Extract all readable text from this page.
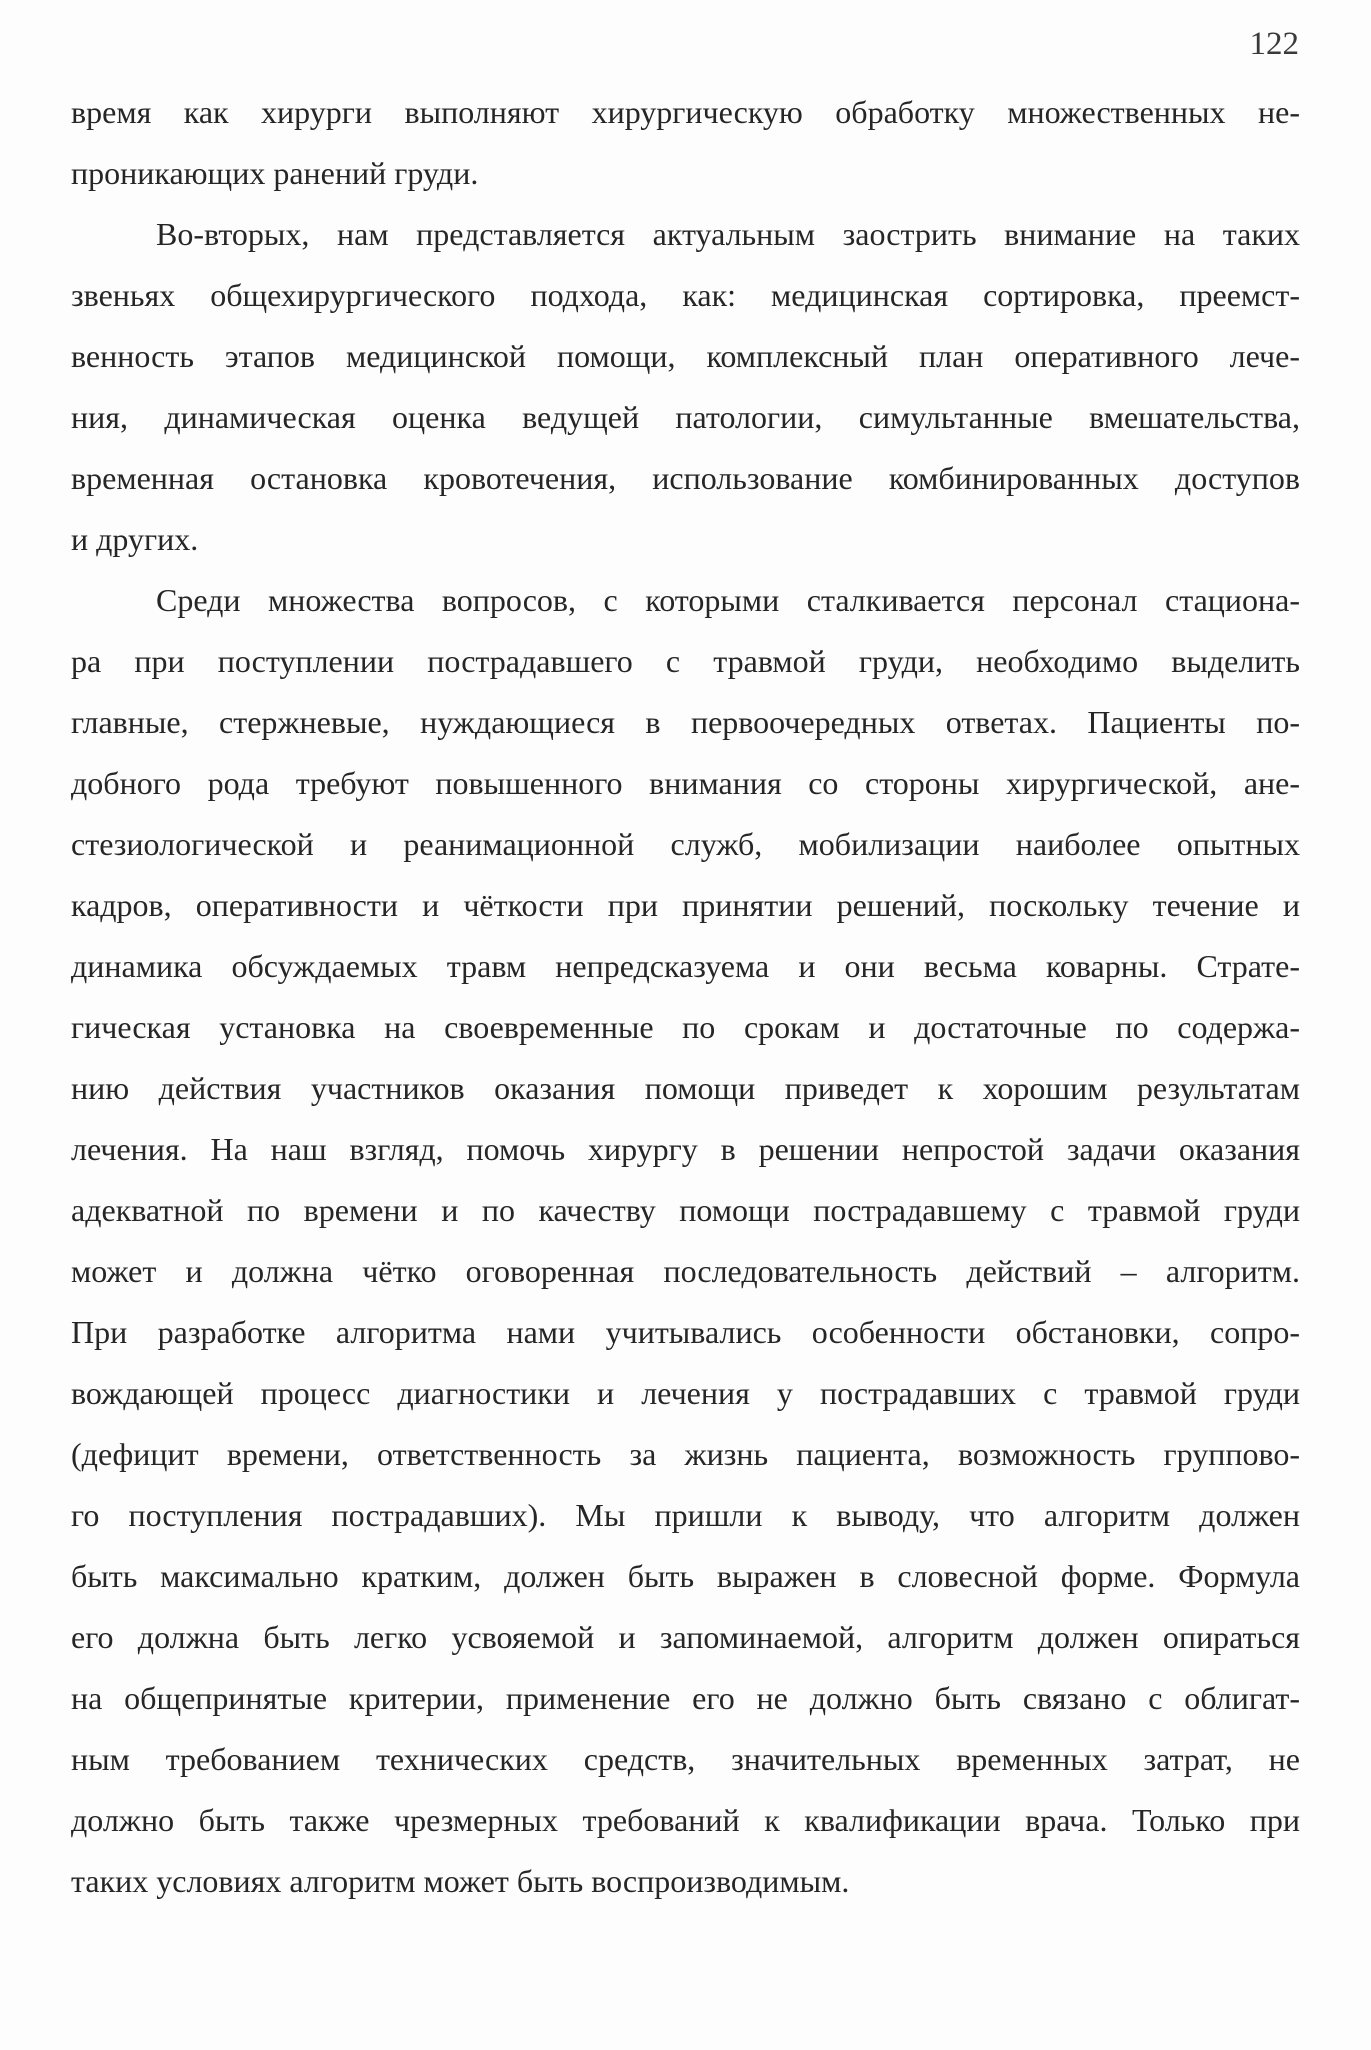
122
время как хирурги выполняют хирургическую обработку множественных не-
проникающих ранений груди.
Во-вторых, нам представляется актуальным заострить внимание на таких
звеньях общехирургического подхода, как: медицинская сортировка, преемст-
венность этапов медицинской помощи, комплексный план оперативного лече-
ния, динамическая оценка ведущей патологии, симультанные вмешательства,
временная остановка кровотечения, использование комбинированных доступов
и других.
Среди множества вопросов, с которыми сталкивается персонал стациона-
ра при поступлении пострадавшего с травмой груди, необходимо выделить
главные, стержневые, нуждающиеся в первоочередных ответах. Пациенты по-
добного рода требуют повышенного внимания со стороны хирургической, ане-
стезиологической и реанимационной служб, мобилизации наиболее опытных
кадров, оперативности и чёткости при принятии решений, поскольку течение и
динамика обсуждаемых травм непредсказуема и они весьма коварны. Страте-
гическая установка на своевременные по срокам и достаточные по содержа-
нию действия участников оказания помощи приведет к хорошим результатам
лечения. На наш взгляд, помочь хирургу в решении непростой задачи оказания
адекватной по времени и по качеству помощи пострадавшему с травмой груди
может и должна чётко оговоренная последовательность действий – алгоритм.
При разработке алгоритма нами учитывались особенности обстановки, сопро-
вождающей процесс диагностики и лечения у пострадавших с травмой груди
(дефицит времени, ответственность за жизнь пациента, возможность группово-
го поступления пострадавших). Мы пришли к выводу, что алгоритм должен
быть максимально кратким, должен быть выражен в словесной форме. Формула
его должна быть легко усвояемой и запоминаемой, алгоритм должен опираться
на общепринятые критерии, применение его не должно быть связано с облигат-
ным требованием технических средств, значительных временных затрат, не
должно быть также чрезмерных требований к квалификации врача. Только при
таких условиях алгоритм может быть воспроизводимым.
